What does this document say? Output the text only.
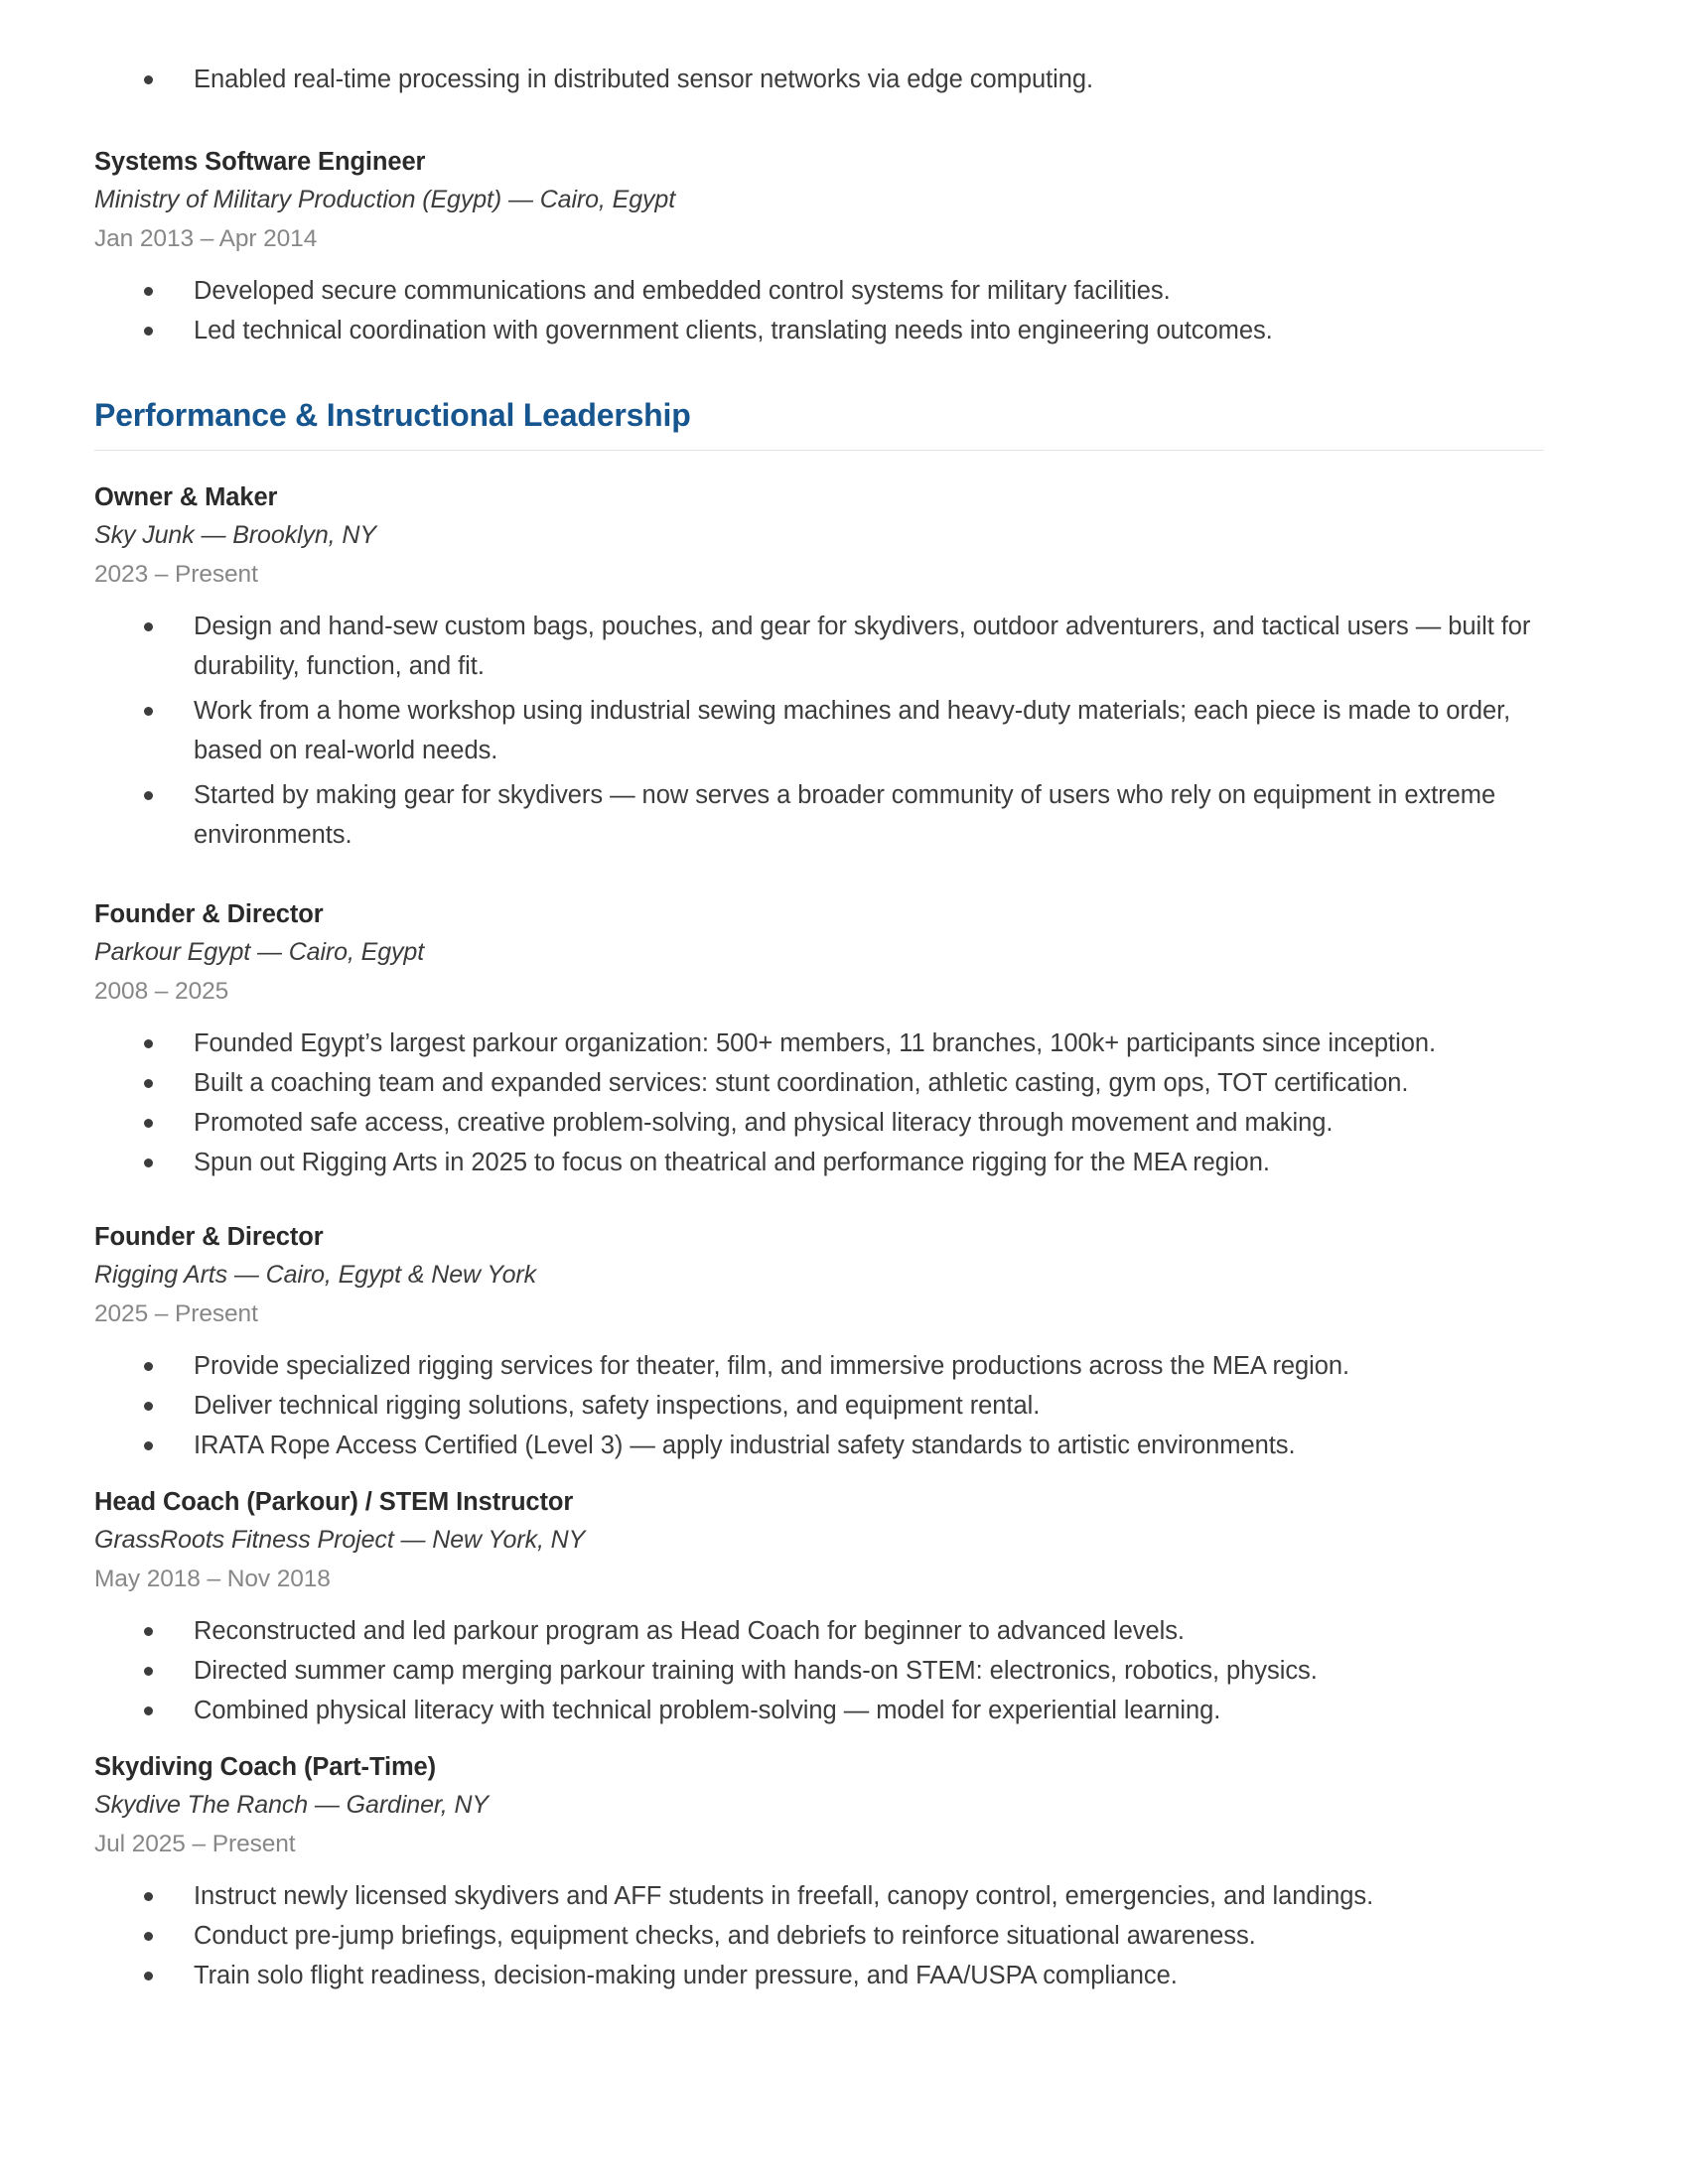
Enabled real-time processing in distributed sensor networks via edge computing.
Systems Software Engineer
Ministry of Military Production (Egypt) — Cairo, Egypt
Jan 2013 – Apr 2014
Developed secure communications and embedded control systems for military facilities.
Led technical coordination with government clients, translating needs into engineering outcomes.
Performance & Instructional Leadership
Owner & Maker
Sky Junk — Brooklyn, NY
2023 – Present
Design and hand-sew custom bags, pouches, and gear for skydivers, outdoor adventurers, and tactical users — built for durability, function, and fit.
Work from a home workshop using industrial sewing machines and heavy-duty materials; each piece is made to order, based on real-world needs.
Started by making gear for skydivers — now serves a broader community of users who rely on equipment in extreme environments.
Founder & Director
Parkour Egypt — Cairo, Egypt
2008 – 2025
Founded Egypt’s largest parkour organization: 500+ members, 11 branches, 100k+ participants since inception.
Built a coaching team and expanded services: stunt coordination, athletic casting, gym ops, TOT certification.
Promoted safe access, creative problem-solving, and physical literacy through movement and making.
Spun out Rigging Arts in 2025 to focus on theatrical and performance rigging for the MEA region.
Founder & Director
Rigging Arts — Cairo, Egypt & New York
2025 – Present
Provide specialized rigging services for theater, film, and immersive productions across the MEA region.
Deliver technical rigging solutions, safety inspections, and equipment rental.
IRATA Rope Access Certified (Level 3) — apply industrial safety standards to artistic environments.
Head Coach (Parkour) / STEM Instructor
GrassRoots Fitness Project — New York, NY
May 2018 – Nov 2018
Reconstructed and led parkour program as Head Coach for beginner to advanced levels.
Directed summer camp merging parkour training with hands-on STEM: electronics, robotics, physics.
Combined physical literacy with technical problem-solving — model for experiential learning.
Skydiving Coach (Part-Time)
Skydive The Ranch — Gardiner, NY
Jul 2025 – Present
Instruct newly licensed skydivers and AFF students in freefall, canopy control, emergencies, and landings.
Conduct pre-jump briefings, equipment checks, and debriefs to reinforce situational awareness.
Train solo flight readiness, decision-making under pressure, and FAA/USPA compliance.
